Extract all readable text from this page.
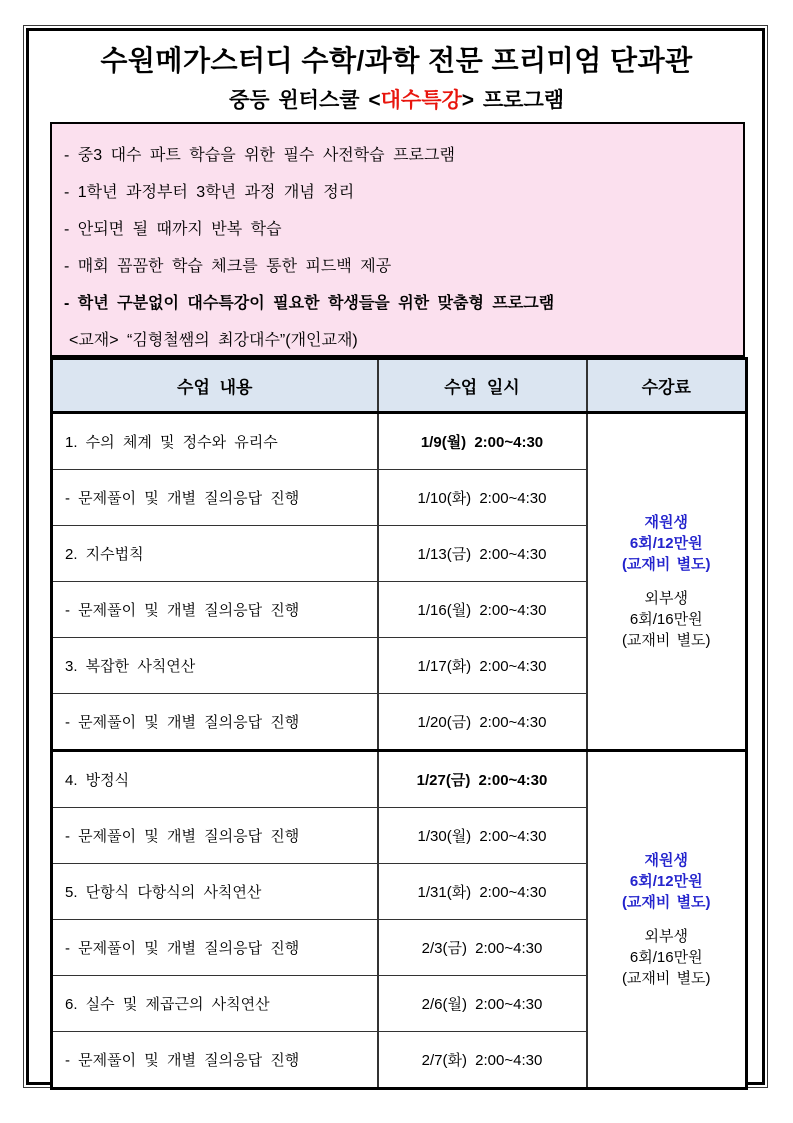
수원메가스터디 수학/과학 전문 프리미엄 단과관
중등 윈터스쿨 <대수특강> 프로그램
- 중3 대수 파트 학습을 위한 필수 사전학습 프로그램
- 1학년 과정부터 3학년 과정 개념 정리
- 안되면 될 때까지 반복 학습
- 매회 꼼꼼한 학습 체크를 통한 피드백 제공
- 학년 구분없이 대수특강이 필요한 학생들을 위한 맞춤형 프로그램
<교재> “김형철쌤의 최강대수”(개인교재)
수업 내용	수업 일시	수강료
1. 수의 체계 및 정수와 유리수	1/9(월) 2:00~4:30	
재원생
6회/12만원
(교재비 별도)
외부생
6회/16만원
(교재비 별도)

- 문제풀이 및 개별 질의응답 진행	1/10(화) 2:00~4:30	
2. 지수법칙	1/13(금) 2:00~4:30	
- 문제풀이 및 개별 질의응답 진행	1/16(월) 2:00~4:30	
3. 복잡한 사칙연산	1/17(화) 2:00~4:30	
- 문제풀이 및 개별 질의응답 진행	1/20(금) 2:00~4:30	
4. 방정식	1/27(금) 2:00~4:30	
재원생
6회/12만원
(교재비 별도)
외부생
6회/16만원
(교재비 별도)

- 문제풀이 및 개별 질의응답 진행	1/30(월) 2:00~4:30	
5. 단항식 다항식의 사칙연산	1/31(화) 2:00~4:30	
- 문제풀이 및 개별 질의응답 진행	2/3(금) 2:00~4:30	
6. 실수 및 제곱근의 사칙연산	2/6(월) 2:00~4:30	
- 문제풀이 및 개별 질의응답 진행	2/7(화) 2:00~4:30	
